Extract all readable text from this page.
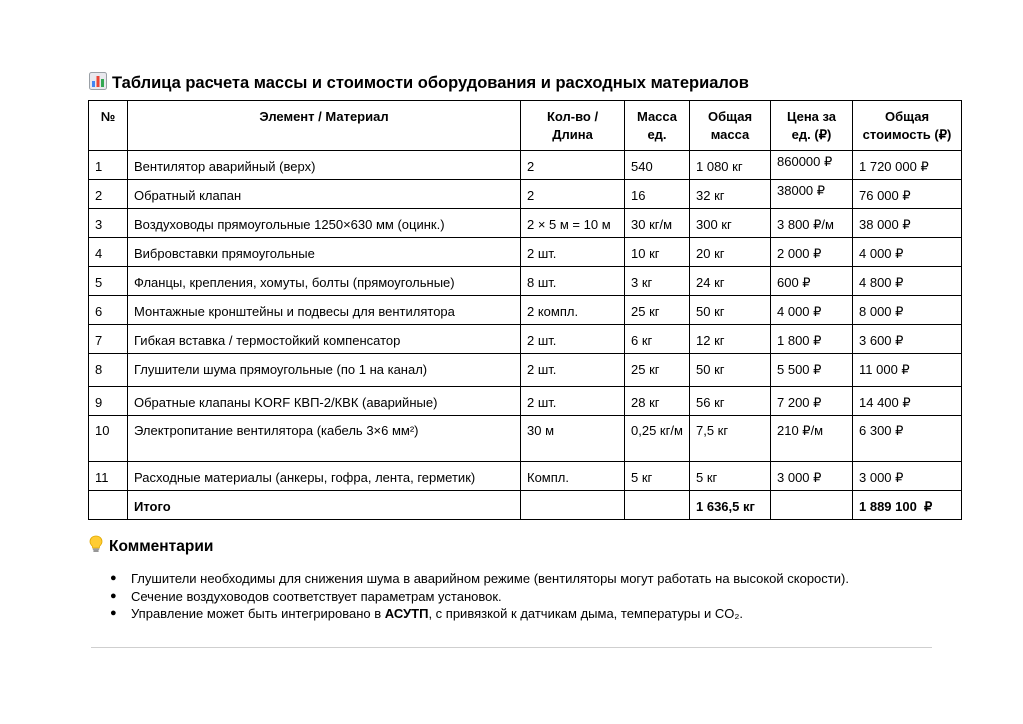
Таблица расчета массы и стоимости оборудования и расходных материалов
№	Элемент / Материал	Кол-во / Длина	Масса ед.	Общая масса	Цена за ед. (₽)	Общая стоимость (₽)
1	Вентилятор аварийный (верх)	2	540	1 080 кг	860000 ₽	1 720 000 ₽
2	Обратный клапан	2	16	32 кг	38000 ₽	76 000 ₽
3	Воздуховоды прямоугольные 1250×630 мм (оцинк.)	2 × 5 м = 10 м	30 кг/м	300 кг	3 800 ₽/м	38 000 ₽
4	Вибровставки прямоугольные	2 шт.	10 кг	20 кг	2 000 ₽	4 000 ₽
5	Фланцы, крепления, хомуты, болты (прямоугольные)	8 шт.	3 кг	24 кг	600 ₽	4 800 ₽
6	Монтажные кронштейны и подвесы для вентилятора	2 компл.	25 кг	50 кг	4 000 ₽	8 000 ₽
7	Гибкая вставка / термостойкий компенсатор	2 шт.	6 кг	12 кг	1 800 ₽	3 600 ₽
8	Глушители шума прямоугольные (по 1 на канал)	2 шт.	25 кг	50 кг	5 500 ₽	11 000 ₽
9	Обратные клапаны KORF КВП-2/КВК (аварийные)	2 шт.	28 кг	56 кг	7 200 ₽	14 400 ₽
10	Электропитание вентилятора (кабель 3×6 мм²)	30 м	0,25 кг/м	7,5 кг	210 ₽/м	6 300 ₽
11	Расходные материалы (анкеры, гофра, лента, герметик)	Компл.	5 кг	5 кг	3 000 ₽	3 000 ₽
	Итого			1 636,5 кг		1 889 100  ₽
Комментарии
● Глушители необходимы для снижения шума в аварийном режиме (вентиляторы могут работать на высокой скорости).
● Сечение воздуховодов соответствует параметрам установок.
● Управление может быть интегрировано в АСУТП, с привязкой к датчикам дыма, температуры и CO₂.
